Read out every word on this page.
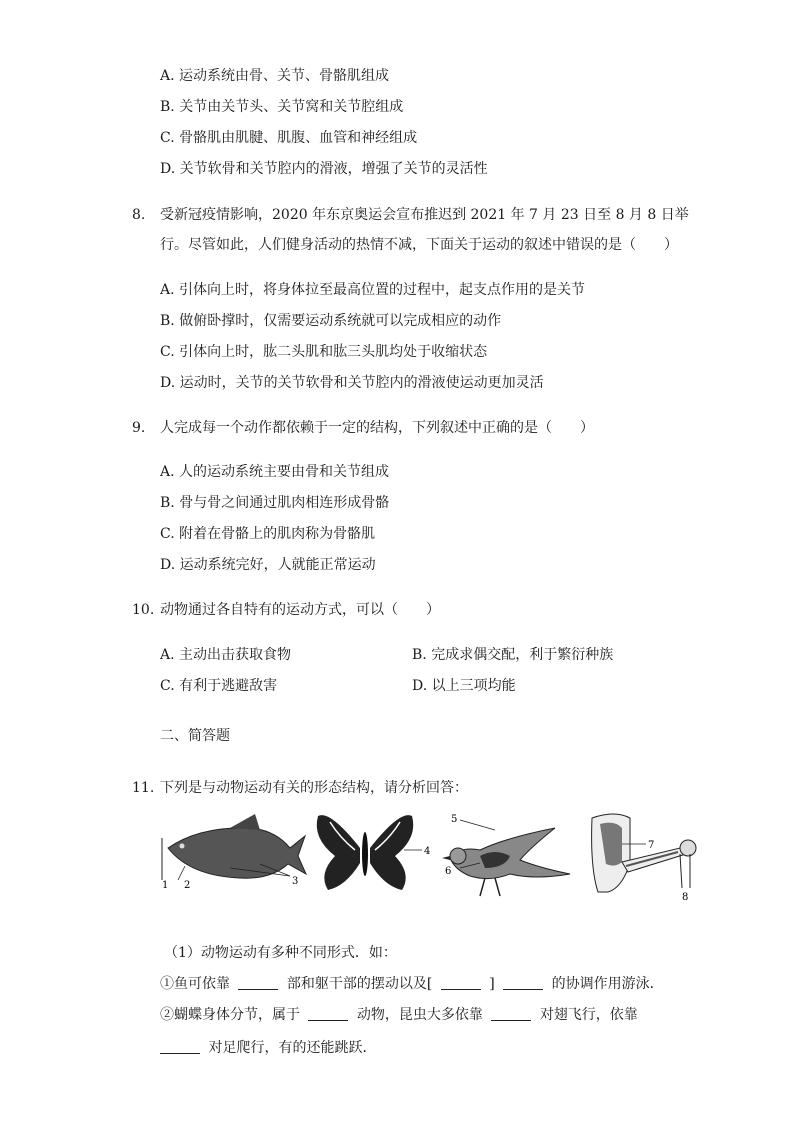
A. 运动系统由骨、关节、骨骼肌组成
B. 关节由关节头、关节窝和关节腔组成
C. 骨骼肌由肌腱、肌腹、血管和神经组成
D. 关节软骨和关节腔内的滑液，增强了关节的灵活性
8. 受新冠疫情影响，2020 年东京奥运会宣布推迟到 2021 年 7 月 23 日至 8 月 8 日举
行。尽管如此，人们健身活动的热情不减，下面关于运动的叙述中错误的是（　　）
A. 引体向上时，将身体拉至最高位置的过程中，起支点作用的是关节
B. 做俯卧撑时，仅需要运动系统就可以完成相应的动作
C. 引体向上时，肱二头肌和肱三头肌均处于收缩状态
D. 运动时，关节的关节软骨和关节腔内的滑液使运动更加灵活
9. 人完成每一个动作都依赖于一定的结构，下列叙述中正确的是（　　）
A. 人的运动系统主要由骨和关节组成
B. 骨与骨之间通过肌肉相连形成骨骼
C. 附着在骨骼上的肌肉称为骨骼肌
D. 运动系统完好，人就能正常运动
10. 动物通过各自特有的运动方式，可以（　　）
A. 主动出击获取食物	B. 完成求偶交配，利于繁衍种族
C. 有利于逃避敌害	D. 以上三项均能
二、简答题
11. 下列是与动物运动有关的形态结构，请分析回答：
1 2	3
4
5
6
7
8
（1）动物运动有多种不同形式．如：
①鱼可依靠	部和躯干部的摆动以及[	]	的协调作用游泳．
②蝴蝶身体分节，属于	动物，昆虫大多依靠	对翅飞行，依靠
对足爬行，有的还能跳跃．
